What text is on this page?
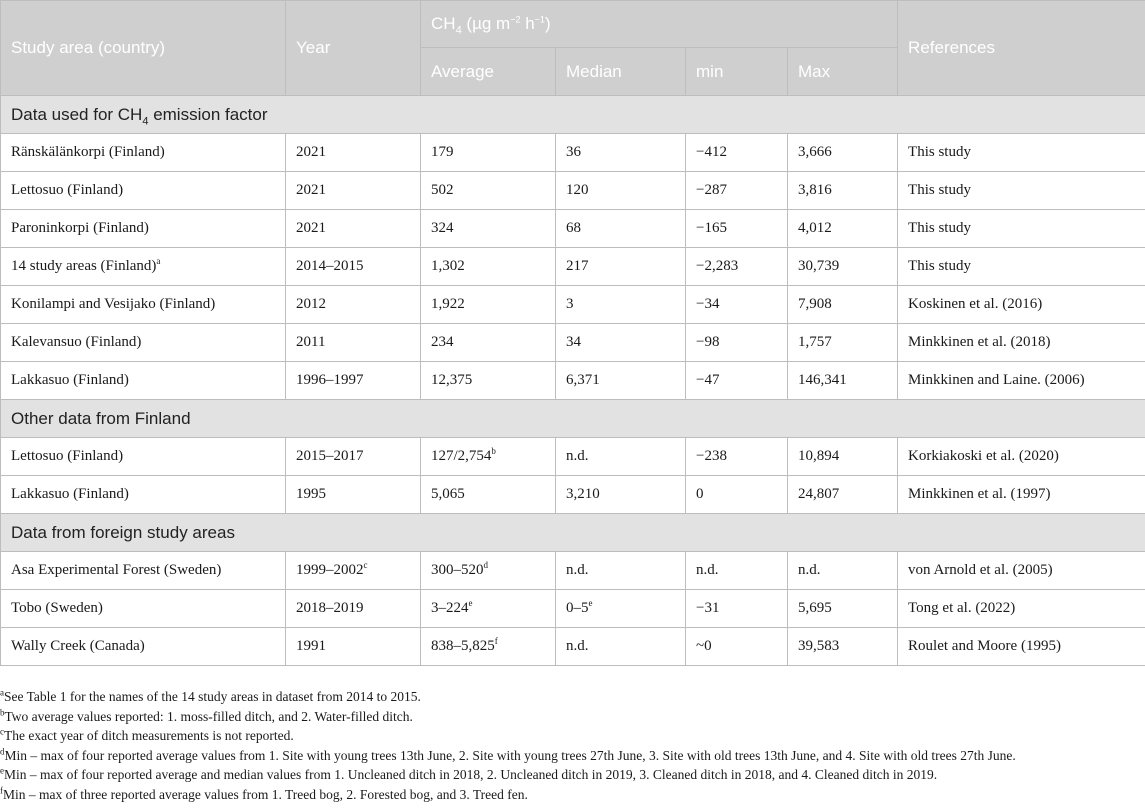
Study area (country)	Year	$CH_4$ (µg $m^{-2}$ $h^{-1}$)				References
		Average	Median	min	Max	
Data used for $CH_4$ emission factor						
Ränskälänkorpi (Finland)	2021	179	36	−412	3,666	This study
Lettosuo (Finland)	2021	502	120	−287	3,816	This study
Paroninkorpi (Finland)	2021	324	68	−165	4,012	This study
14 study areas (Finland)$^a$	2014–2015	1,302	217	−2,283	30,739	This study
Konilampi and Vesijako (Finland)	2012	1,922	3	−34	7,908	Koskinen et al. (2016)
Kalevansuo (Finland)	2011	234	34	−98	1,757	Minkkinen et al. (2018)
Lakkasuo (Finland)	1996–1997	12,375	6,371	−47	146,341	Minkkinen and Laine. (2006)
Other data from Finland						
Lettosuo (Finland)	2015–2017	127/2,754$^b$	n.d.	−238	10,894	Korkiakoski et al. (2020)
Lakkasuo (Finland)	1995	5,065	3,210	0	24,807	Minkkinen et al. (1997)
Data from foreign study areas						
Asa Experimental Forest (Sweden)	1999–2002$^c$	300–520$^d$	n.d.	n.d.	n.d.	von Arnold et al. (2005)
Tobo (Sweden)	2018–2019	3–224e	$0-5^e$	−31	5,695	Tong et al. (2022)
Wally Creek (Canada)	1991	838–5,825$^f$	n.d.	~0	39,583	Roulet and Moore (1995)
$^a$See Table 1 for the names of the 14 study areas in dataset from 2014 to 2015.
$^b$Two average values reported: 1. moss-filled ditch, and 2. Water-filled ditch.
$^c$The exact year of ditch measurements is not reported.
$^d$Min – max of four reported average values from 1. Site with young trees 13th June, 2. Site with young trees 27th June, 3. Site with old trees 13th June, and 4. Site with old trees 27th June.
$^e$Min – max of four reported average and median values from 1. Uncleaned ditch in 2018, 2. Uncleaned ditch in 2019, 3. Cleaned ditch in 2018, and 4. Cleaned ditch in 2019.
$^f$Min – max of three reported average values from 1. Treed bog, 2. Forested bog, and 3. Treed fen.
